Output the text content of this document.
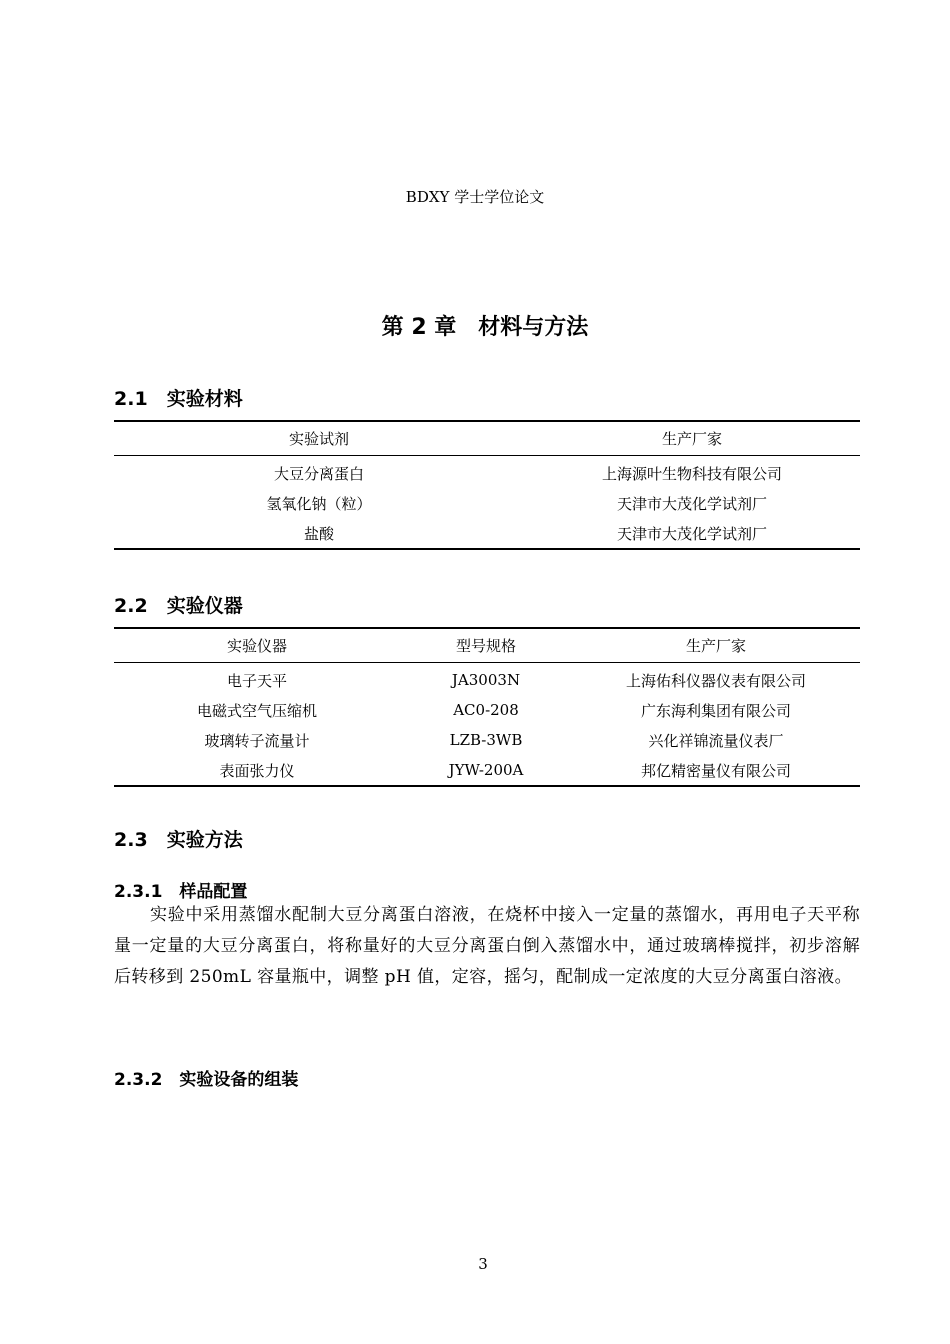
BDXY 学士学位论文
第 2 章　材料与方法
2.1　 实验材料
实验试剂	生产厂家
大豆分离蛋白	上海源叶生物科技有限公司
氢氧化钠（粒）	天津市大茂化学试剂厂
盐酸	天津市大茂化学试剂厂
2.2　 实验仪器
实验仪器	型号规格	生产厂家
电子天平	JA3003N	上海佑科仪器仪表有限公司
电磁式空气压缩机	AC0-208	广东海利集团有限公司
玻璃转子流量计	LZB-3WB	兴化祥锦流量仪表厂
表面张力仪	JYW-200A	邦亿精密量仪有限公司
2.3　 实验方法
2.3.1　 样品配置

实验中采用蒸馏水配制大豆分离蛋白溶液，在烧杯中接入一定量的蒸馏水，再用电子天平称量一定量的大豆分离蛋白，将称量好的大豆分离蛋白倒入蒸馏水中，通过玻璃棒搅拌，初步溶解后转移到 250mL 容量瓶中，调整 pH 值，定容，摇匀，配制成一定浓度的大豆分离蛋白溶液。

2.3.2　 实验设备的组装
3
